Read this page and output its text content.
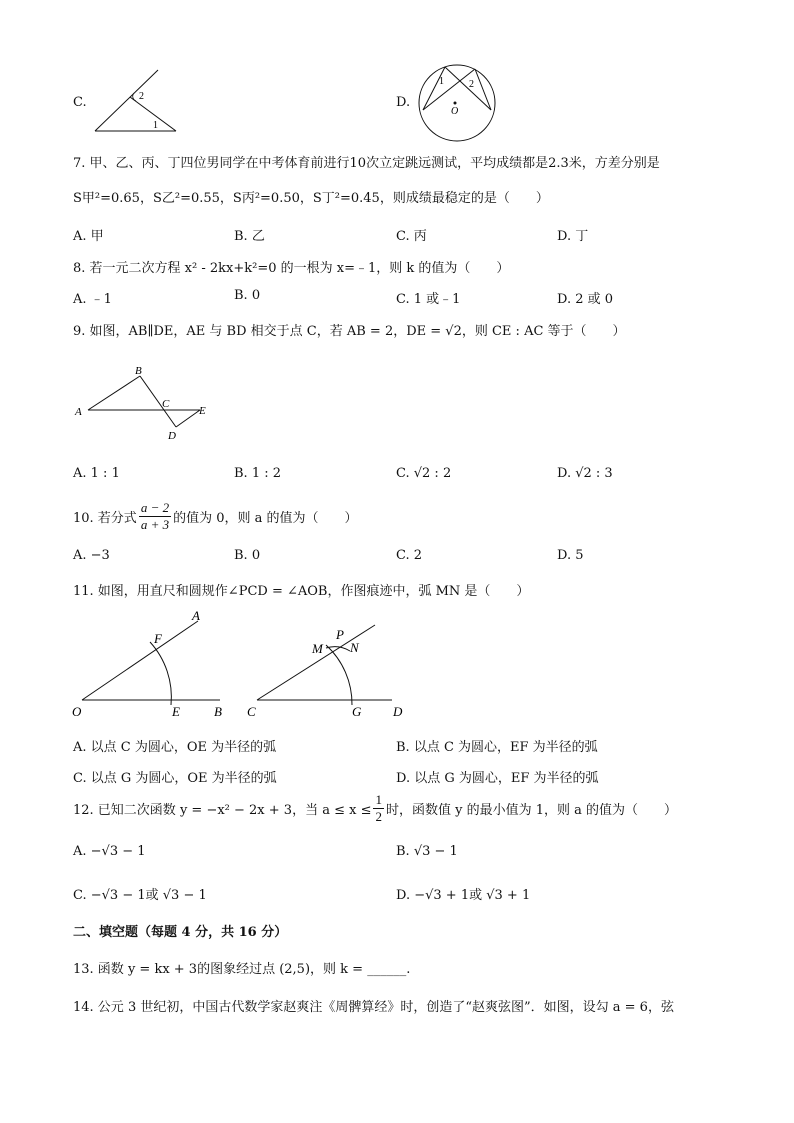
C.	2
1
D.
1	2
O
7. 甲、乙、丙、丁四位男同学在中考体育前进行10次立定跳远测试，平均成绩都是2.3米，方差分别是
S甲²=0.65，S乙²=0.55，S丙²=0.50，S丁²=0.45，则成绩最稳定的是（　　）
A. 甲	B. 乙	C. 丙	D. 丁
8. 若一元二次方程 x² - 2kx+k²=0 的一根为 x=﹣1，则 k 的值为（　　）
A. ﹣1	B. 0	C. 1 或﹣1	D. 2 或 0
9. 如图，AB∥DE，AE 与 BD 相交于点 C，若 AB = 2，DE = √2，则 CE : AC 等于（　　）
B
A
C
E
D
A. 1 : 1	B. 1 : 2	C. √2 : 2	D. √2 : 3
10. 若分式 $\frac{a - 2}{a + 3}$ 的值为 0，则 a 的值为（　　）
A. −3	B. 0	C. 2	D. 5
11. 如图，用直尺和圆规作∠PCD = ∠AOB，作图痕迹中，弧 MN 是（　　）
A
F
O	E	B
P
M N
C	G D
A. 以点 C 为圆心，OE 为半径的弧	B. 以点 C 为圆心，EF 为半径的弧
C. 以点 G 为圆心，OE 为半径的弧	D. 以点 G 为圆心，EF 为半径的弧
12. 已知二次函数 y = −x² − 2x + 3，当 $a \le x \le \frac{1}{2}$ 时，函数值 y 的最小值为 1，则 a 的值为（　　）
A. −√3 − 1	B. √3 − 1
C. −√3 − 1或 √3 − 1	D. −√3 + 1或 √3 + 1
二、填空题（每题 4 分，共 16 分）
13. 函数 y = kx + 3的图象经过点 (2,5)，则 k = ______.
14. 公元 3 世纪初，中国古代数学家赵爽注《周髀算经》时，创造了“赵爽弦图”．如图，设勾 a = 6，弦
